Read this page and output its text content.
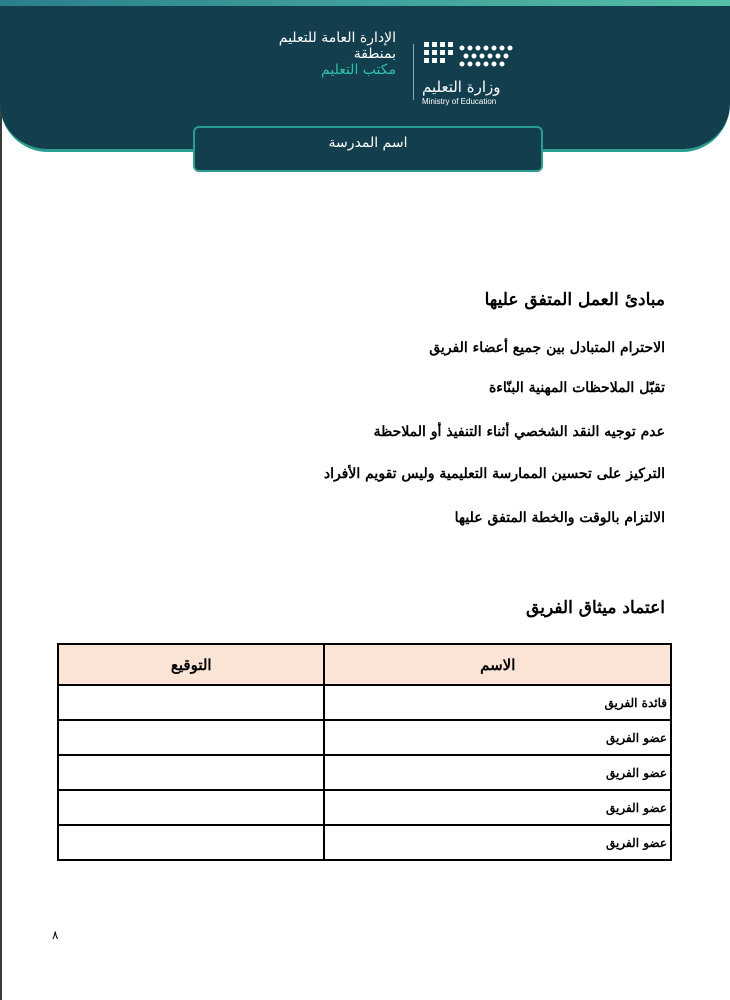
الإدارة العامة للتعليم
بمنطقة
مكتب التعليم
وزارة التعليم
Ministry of Education
اسم المدرسة
مبادئ العمل المتفق عليها
الاحترام المتبادل بين جميع أعضاء الفريق
تقبّل الملاحظات المهنية البنّاءة
عدم توجيه النقد الشخصي أثناء التنفيذ أو الملاحظة
التركيز على تحسين الممارسة التعليمية وليس تقويم الأفراد
الالتزام بالوقت والخطة المتفق عليها
اعتماد ميثاق الفريق
الاسم	التوقيع
قائدة الفريق	
عضو الفريق	
عضو الفريق	
عضو الفريق	
عضو الفريق	
٨
